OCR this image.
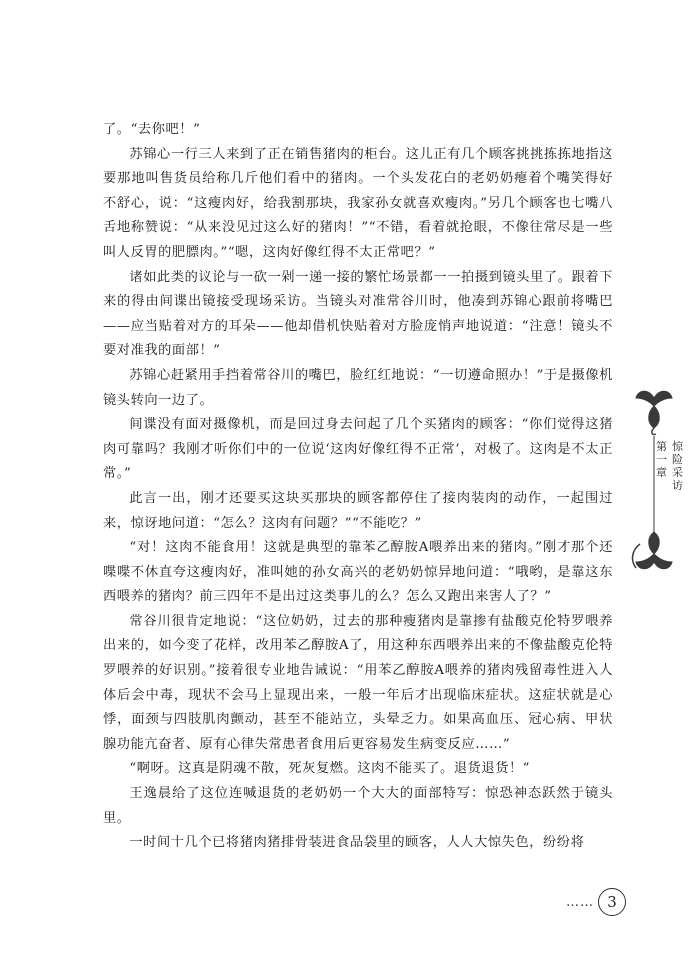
了。“去你吧！”

苏锦心一行三人来到了正在销售猪肉的柜台。这儿正有几个顾客挑挑拣拣地指这要那地叫售货员给称几斤他们看中的猪肉。一个头发花白的老奶奶瘪着个嘴笑得好不舒心，说：“这瘦肉好，给我割那块，我家孙女就喜欢瘦肉。”另几个顾客也七嘴八舌地称赞说：“从来没见过这么好的猪肉！”“不错，看着就抢眼，不像往常尽是一些叫人反胃的肥膘肉。”“嗯，这肉好像红得不太正常吧？”

诸如此类的议论与一砍一剁一递一接的繁忙场景都一一拍摄到镜头里了。跟着下来的得由间谍出镜接受现场采访。当镜头对准常谷川时，他凑到苏锦心跟前将嘴巴——应当贴着对方的耳朵——他却借机快贴着对方脸庞悄声地说道：“注意！镜头不要对准我的面部！”

苏锦心赶紧用手挡着常谷川的嘴巴，脸红红地说：“一切遵命照办！”于是摄像机镜头转向一边了。

间谍没有面对摄像机，而是回过身去问起了几个买猪肉的顾客：“你们觉得这猪肉可靠吗？我刚才听你们中的一位说‘这肉好像红得不正常’，对极了。这肉是不太正常。”

此言一出，刚才还要买这块买那块的顾客都停住了接肉装肉的动作，一起围过来，惊讶地问道：“怎么？这肉有问题？”“不能吃？”

“对！这肉不能食用！这就是典型的靠苯乙醇胺A喂养出来的猪肉。”刚才那个还喋喋不休直夸这瘦肉好，准叫她的孙女高兴的老奶奶惊异地问道：“哦哟，是靠这东西喂养的猪肉？前三四年不是出过这类事儿的么？怎么又跑出来害人了？”

常谷川很肯定地说：“这位奶奶，过去的那种瘦猪肉是靠掺有盐酸克伦特罗喂养出来的，如今变了花样，改用苯乙醇胺A了，用这种东西喂养出来的不像盐酸克伦特罗喂养的好识别。”接着很专业地告诫说：“用苯乙醇胺A喂养的猪肉残留毒性进入人体后会中毒，现状不会马上显现出来，一般一年后才出现临床症状。这症状就是心悸，面颈与四肢肌肉颤动，甚至不能站立，头晕乏力。如果高血压、冠心病、甲状腺功能亢奋者、原有心律失常患者食用后更容易发生病变反应……”

“啊呀。这真是阴魂不散，死灰复燃。这肉不能买了。退货退货！”

王逸晨给了这位连喊退货的老奶奶一个大大的面部特写：惊恐神态跃然于镜头里。

一时间十几个已将猪肉猪排骨装进食品袋里的顾客，人人大惊失色，纷纷将

第一章
惊险采访
…… 3
